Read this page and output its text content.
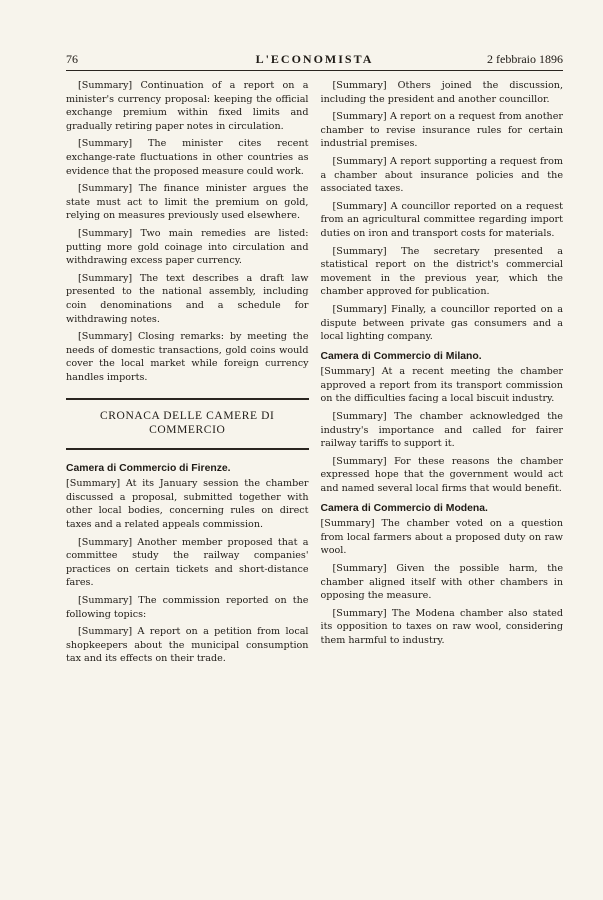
76	L'ECONOMISTA	2 febbraio 1896

[Summary] Continuation of a report on a minister's currency proposal: keeping the official exchange premium within fixed limits and gradually retiring paper notes in circulation.

[Summary] The minister cites recent exchange-rate fluctuations in other countries as evidence that the proposed measure could work.

[Summary] The finance minister argues the state must act to limit the premium on gold, relying on measures previously used elsewhere.

[Summary] Two main remedies are listed: putting more gold coinage into circulation and withdrawing excess paper currency.

[Summary] The text describes a draft law presented to the national assembly, including coin denominations and a schedule for withdrawing notes.

[Summary] Closing remarks: by meeting the needs of domestic transactions, gold coins would cover the local market while foreign currency handles imports.

CRONACA DELLE CAMERE DI COMMERCIO
Camera di Commercio di Firenze.

[Summary] At its January session the chamber discussed a proposal, submitted together with other local bodies, concerning rules on direct taxes and a related appeals commission.

[Summary] Another member proposed that a committee study the railway companies' practices on certain tickets and short-distance fares.

[Summary] The commission reported on the following topics:

[Summary] A report on a petition from local shopkeepers about the municipal consumption tax and its effects on their trade.

[Summary] Others joined the discussion, including the president and another councillor.

[Summary] A report on a request from another chamber to revise insurance rules for certain industrial premises.

[Summary] A report supporting a request from a chamber about insurance policies and the associated taxes.

[Summary] A councillor reported on a request from an agricultural committee regarding import duties on iron and transport costs for materials.

[Summary] The secretary presented a statistical report on the district's commercial movement in the previous year, which the chamber approved for publication.

[Summary] Finally, a councillor reported on a dispute between private gas consumers and a local lighting company.

Camera di Commercio di Milano.

[Summary] At a recent meeting the chamber approved a report from its transport commission on the difficulties facing a local biscuit industry.

[Summary] The chamber acknowledged the industry's importance and called for fairer railway tariffs to support it.

[Summary] For these reasons the chamber expressed hope that the government would act and named several local firms that would benefit.

Camera di Commercio di Modena.

[Summary] The chamber voted on a question from local farmers about a proposed duty on raw wool.

[Summary] Given the possible harm, the chamber aligned itself with other chambers in opposing the measure.

[Summary] The Modena chamber also stated its opposition to taxes on raw wool, considering them harmful to industry.
